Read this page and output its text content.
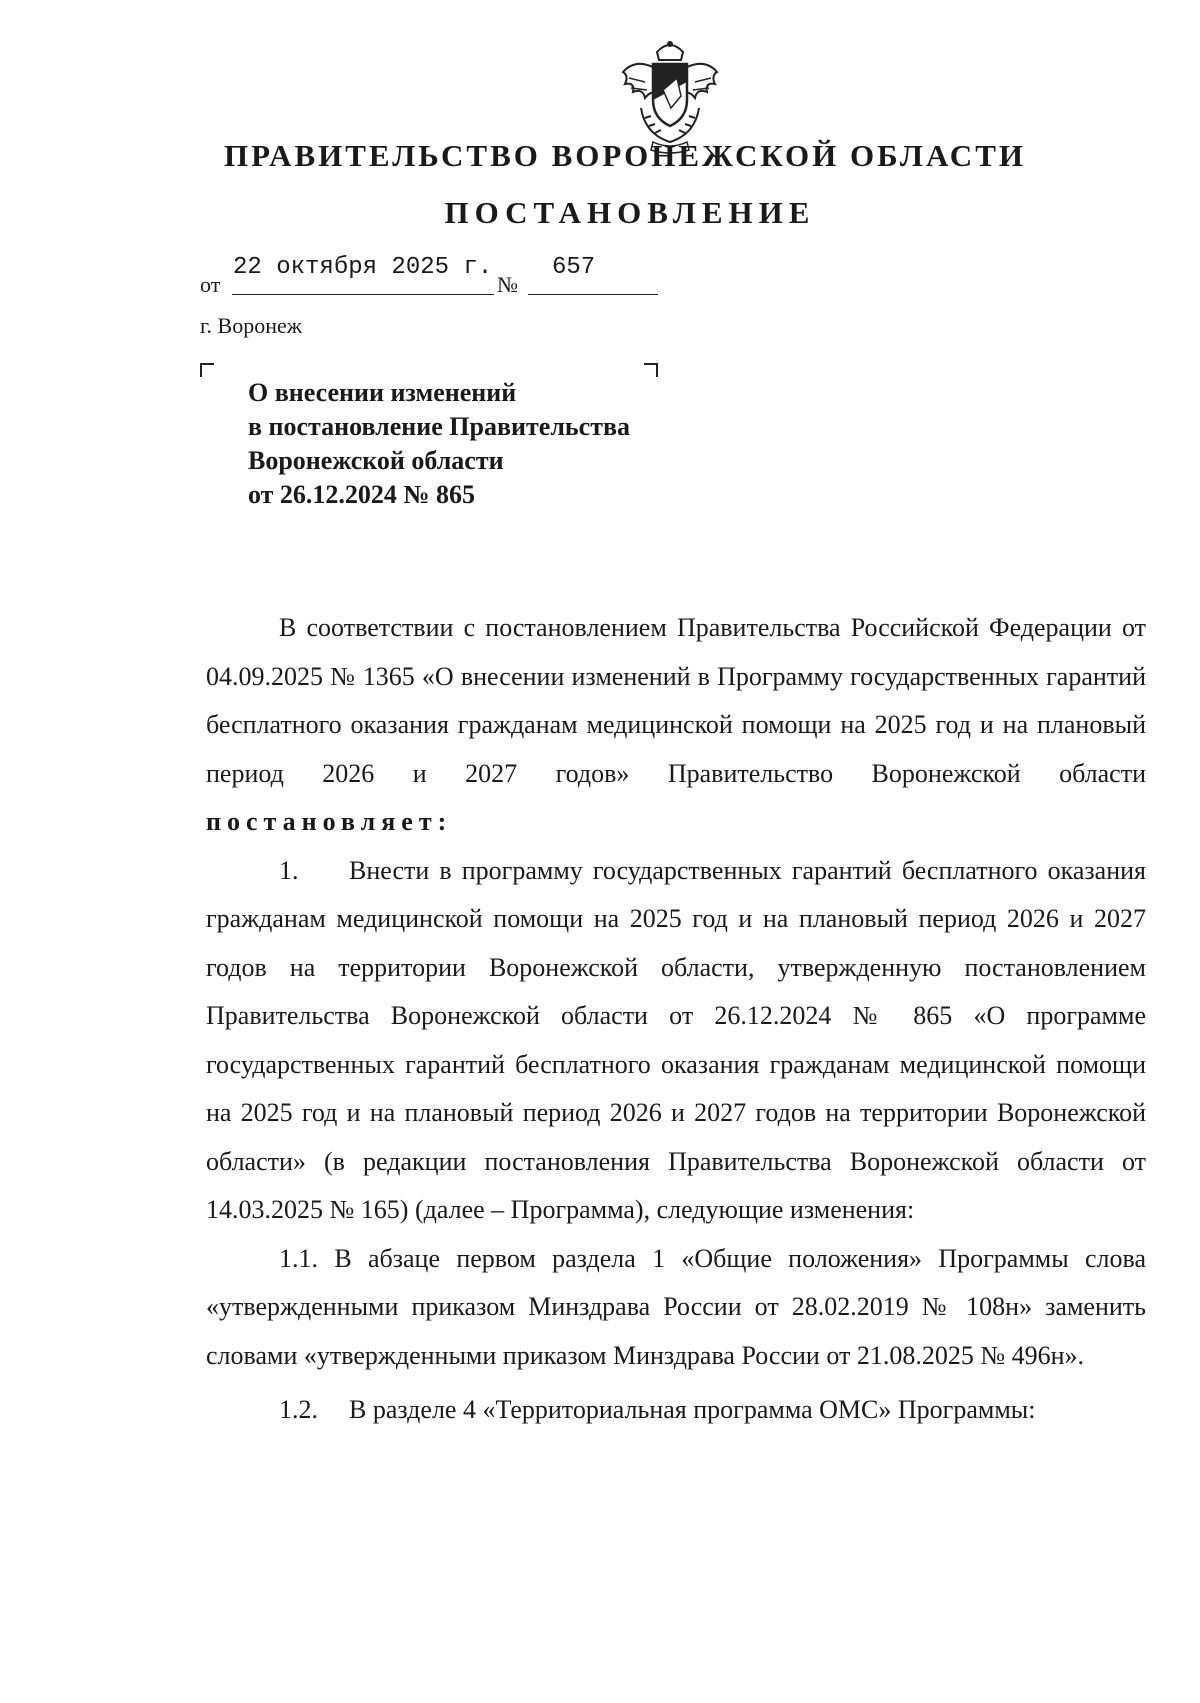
ПРАВИТЕЛЬСТВО ВОРОНЕЖСКОЙ ОБЛАСТИ
ПОСТАНОВЛЕНИЕ
от
22 октября 2025 г.
№
657
г. Воронеж
О внесении изменений
в постановление Правительства
Воронежской области
от 26.12.2024 № 865

В соответствии с постановлением Правительства Российской Федерации от 04.09.2025 № 1365 «О внесении изменений в Программу государственных гарантий бесплатного оказания гражданам медицинской помощи на 2025 год и на плановый период 2026 и 2027 годов» Правительство Воронежской области постановляет:

1. Внести в программу государственных гарантий бесплатного оказания гражданам медицинской помощи на 2025 год и на плановый период 2026 и 2027 годов на территории Воронежской области, утвержденную постановлением Правительства Воронежской области от 26.12.2024 № 865 «О программе государственных гарантий бесплатного оказания гражданам медицинской помощи на 2025 год и на плановый период 2026 и 2027 годов на территории Воронежской области» (в редакции постановления Правительства Воронежской области от 14.03.2025 № 165) (далее – Программа), следующие изменения:

1.1. В абзаце первом раздела 1 «Общие положения» Программы слова «утвержденными приказом Минздрава России от 28.02.2019 № 108н» заменить словами «утвержденными приказом Минздрава России от 21.08.2025 № 496н».

1.2. В разделе 4 «Территориальная программа ОМС» Программы:
